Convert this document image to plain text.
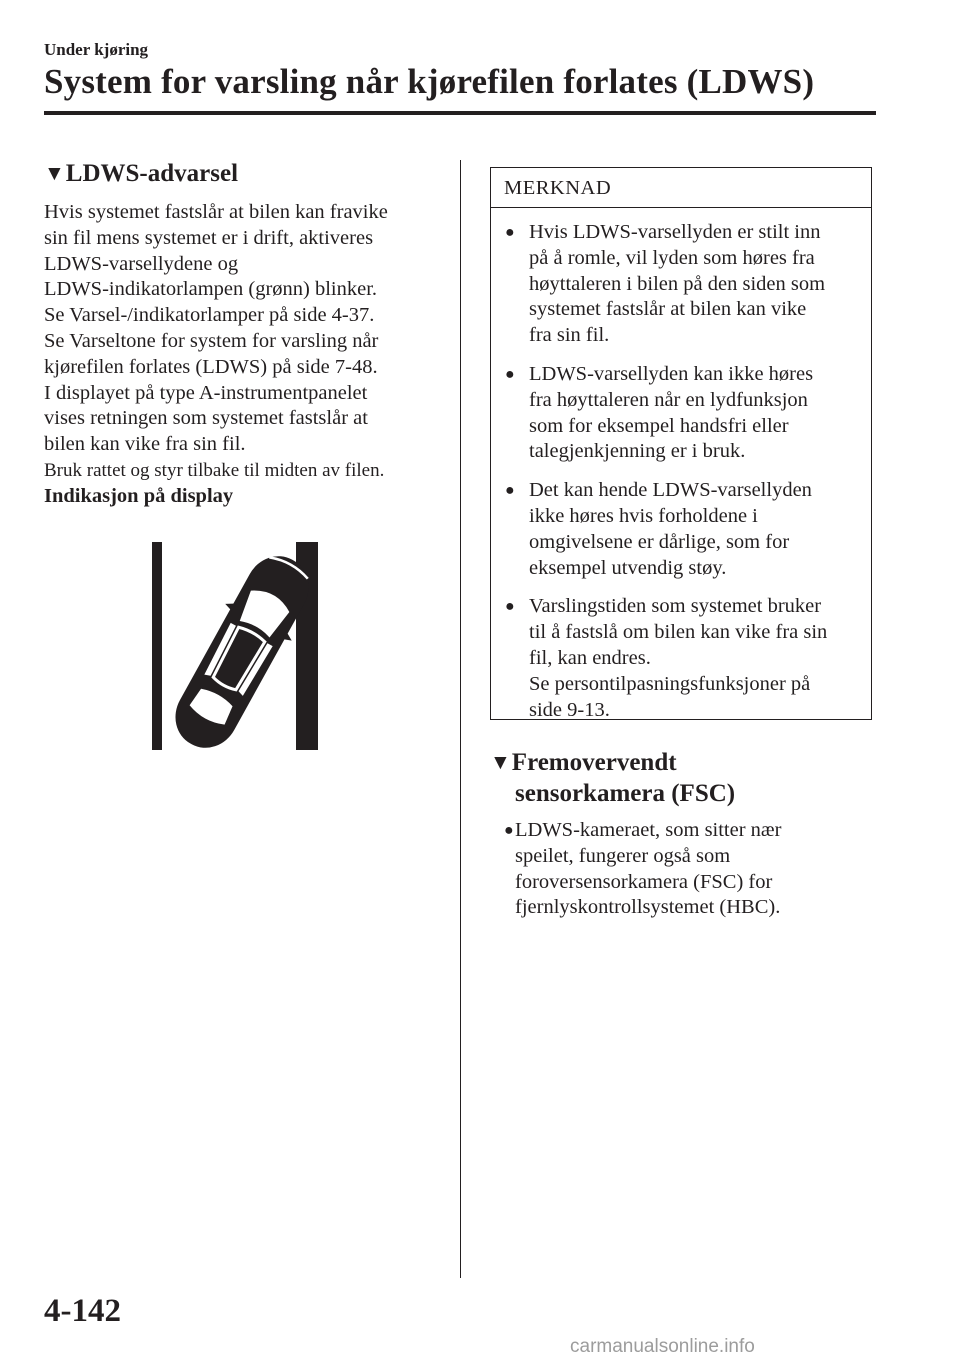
Under kjøring
System for varsling når kjørefilen forlates (LDWS)
▼LDWS-advarsel
Hvis systemet fastslår at bilen kan fravike
sin fil mens systemet er i drift, aktiveres
LDWS-varsellydene og
LDWS-indikatorlampen (grønn) blinker.
Se Varsel-/indikatorlamper på side 4-37.
Se Varseltone for system for varsling når
kjørefilen forlates (LDWS) på side 7-48.
I displayet på type A-instrumentpanelet
vises retningen som systemet fastslår at
bilen kan vike fra sin fil.
Bruk rattet og styr tilbake til midten av filen.
Indikasjon på display
MERKNAD
● Hvis LDWS-varsellyden er stilt inn
på å romle, vil lyden som høres fra
høyttaleren i bilen på den siden som
systemet fastslår at bilen kan vike
fra sin fil.
● LDWS-varsellyden kan ikke høres
fra høyttaleren når en lydfunksjon
som for eksempel handsfri eller
talegjenkjenning er i bruk.
● Det kan hende LDWS-varsellyden
ikke høres hvis forholdene i
omgivelsene er dårlige, som for
eksempel utvendig støy.
● Varslingstiden som systemet bruker
til å fastslå om bilen kan vike fra sin
fil, kan endres.
Se persontilpasningsfunksjoner på
side 9-13.
▼Fremovervendt
sensorkamera (FSC)
● LDWS-kameraet, som sitter nær
speilet, fungerer også som
foroversensorkamera (FSC) for
fjernlyskontrollsystemet (HBC).
4-142
carmanualsonline.info
